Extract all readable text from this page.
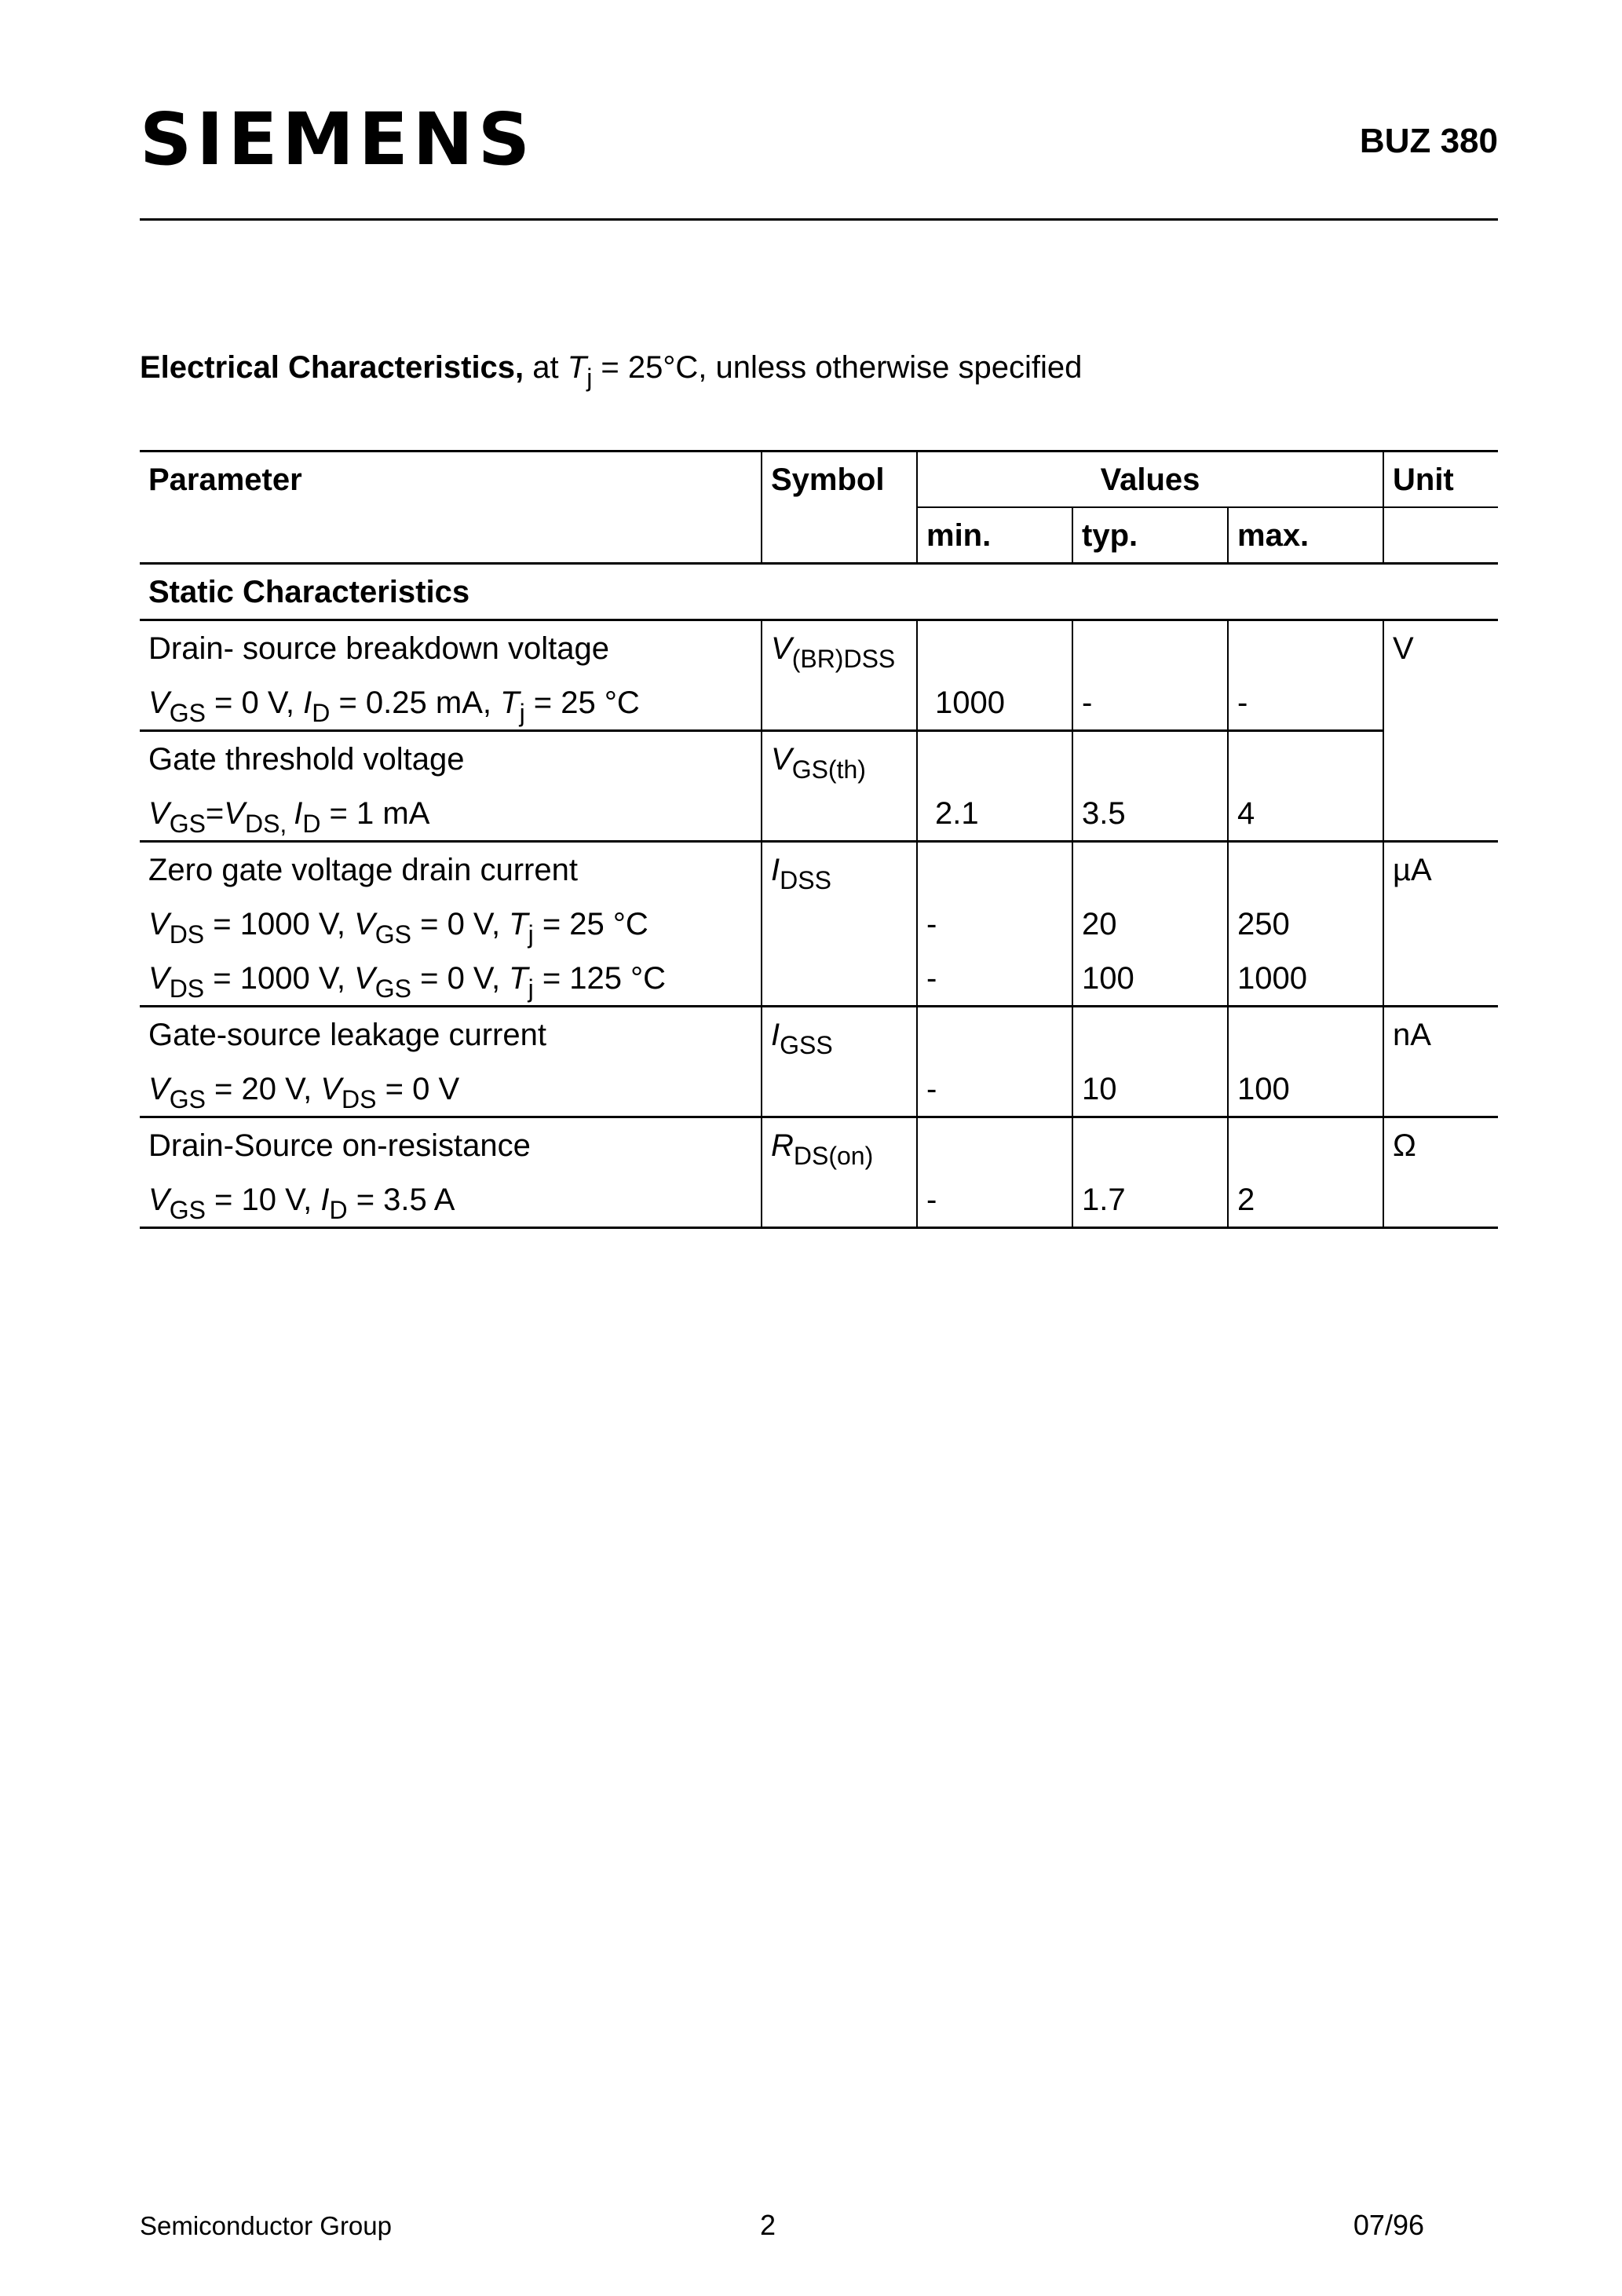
SIEMENS	BUZ 380
Electrical Characteristics, at $T_j = 25^\circ C$, unless otherwise specified
Parameter	Symbol	Values			Unit
		min.	typ.	max.	
Static Characteristics					
Drain- source breakdown voltage	$V_{(BR)DSS}$				V
$V_{GS} = 0$ V, $I_D = 0.25$ mA, $T_j = 25$ °C		1000	-	-	
Gate threshold voltage	$V_{GS(th)}$				
$V_{GS}=V_{DS,}$ $I_D = 1$ mA		2.1	3.5	4	
Zero gate voltage drain current	$I_{DSS}$				µA
$V_{DS} = 1000$ V, $V_{GS} = 0$ V, $T_j = 25$ °C		-	20	250	
$V_{DS} = 1000$ V, $V_{GS} = 0$ V, $T_j = 125$ °C		-	100	1000	
Gate-source leakage current	$I_{GSS}$				nA
$V_{GS} = 20$ V, $V_{DS} = 0$ V		-	10	100	
Drain-Source on-resistance	$R_{DS(on)}$				Ω
$V_{GS} = 10$ V, $I_D = 3.5$ A		-	1.7	2	
Semiconductor Group	2	07/96
